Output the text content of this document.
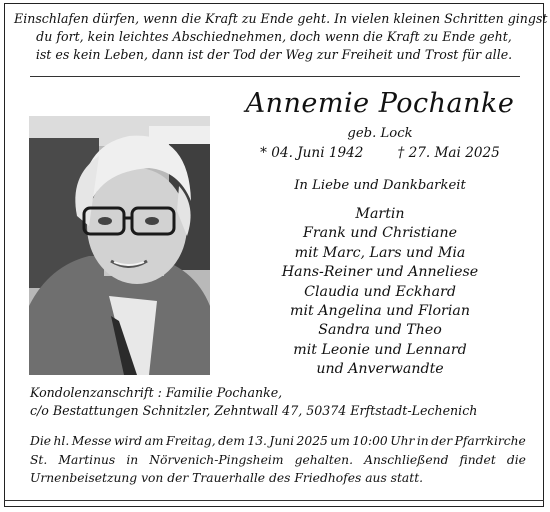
Einschlafen dürfen, wenn die Kraft zu Ende geht. In vielen kleinen Schritten gingst
du fort, kein leichtes Abschiednehmen, doch wenn die Kraft zu Ende geht,
ist es kein Leben, dann ist der Tod der Weg zur Freiheit und Trost für alle.
Annemie Pochanke
geb. Lock
* 04. Juni 1942	† 27. Mai 2025
In Liebe und Dankbarkeit
Martin
Frank und Christiane
mit Marc, Lars und Mia
Hans-Reiner und Anneliese
Claudia und Eckhard
mit Angelina und Florian
Sandra und Theo
mit Leonie und Lennard
und Anverwandte
Kondolenzanschrift : Familie Pochanke,
c/o Bestattungen Schnitzler, Zehntwall 47, 50374 Erftstadt-Lechenich
Die hl. Messe wird am Freitag, dem 13. Juni 2025 um 10:00 Uhr in der Pfarrkirche
St. Martinus in Nörvenich-Pingsheim gehalten. Anschließend findet die
Urnenbeisetzung von der Trauerhalle des Friedhofes aus statt.
